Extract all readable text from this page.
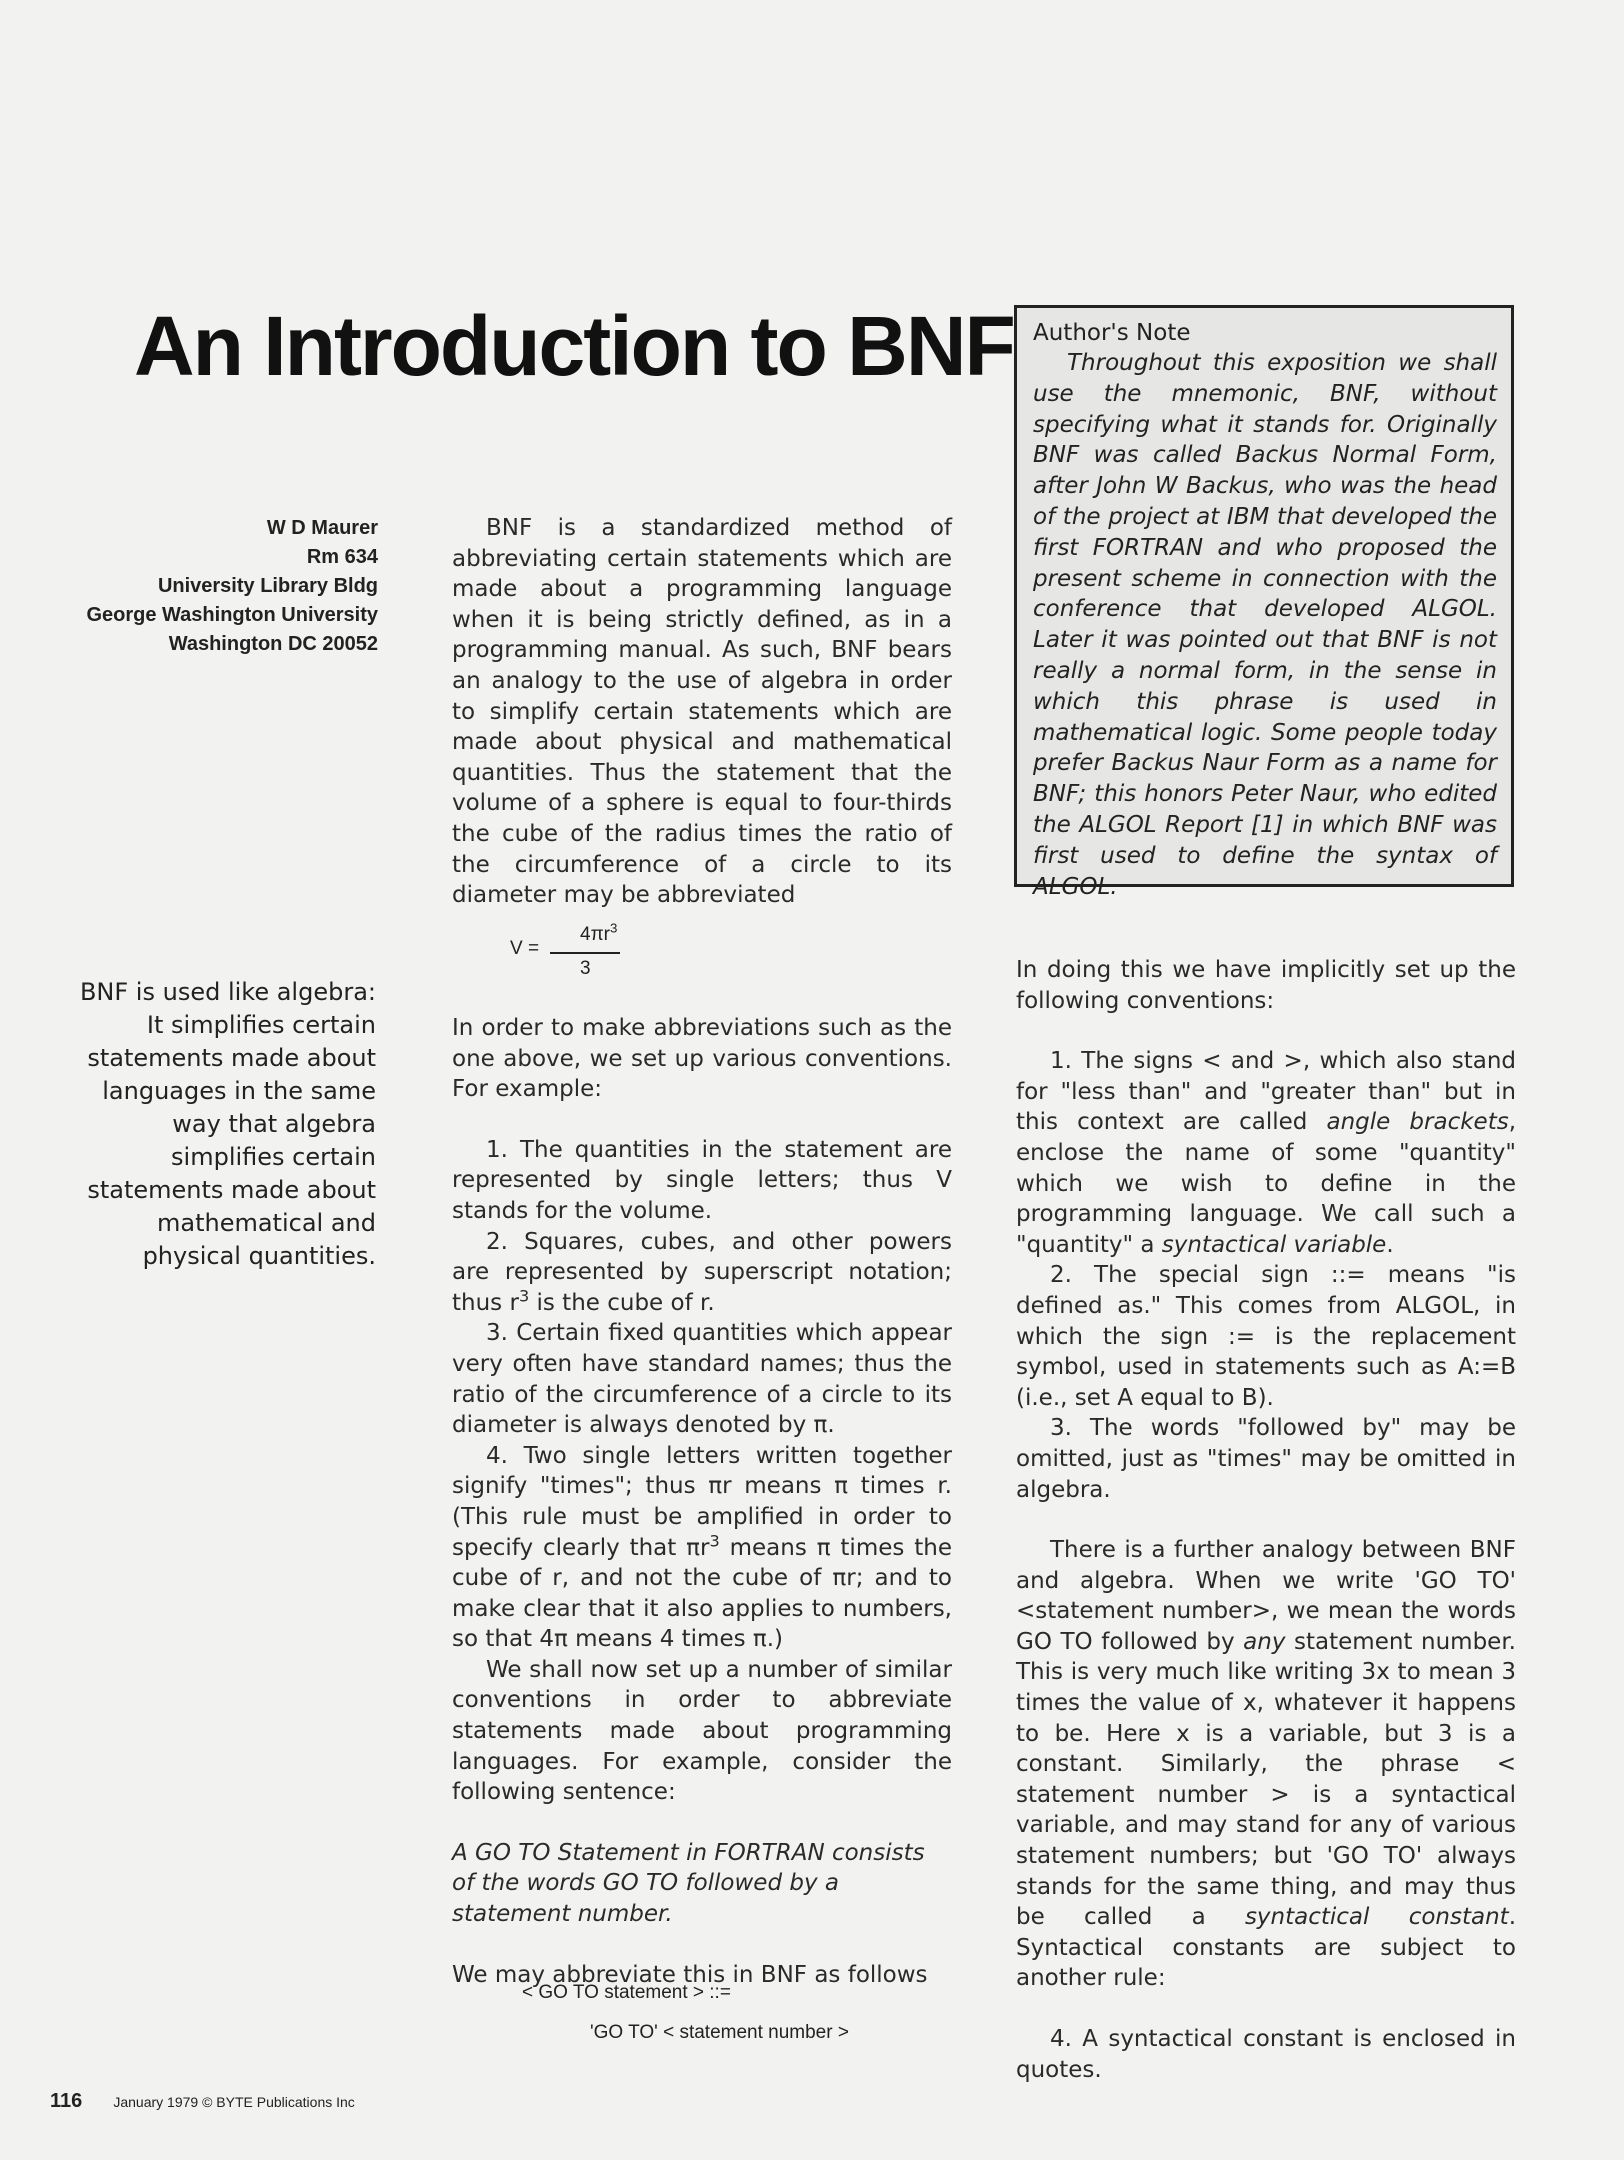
An Introduction to BNF
W D Maurer
Rm 634
University Library Bldg
George Washington University
Washington DC 20052
Author's Note
Throughout this exposition we shall use the mnemonic, BNF, without specifying what it stands for. Originally BNF was called Backus Normal Form, after John W Backus, who was the head of the project at IBM that developed the first FORTRAN and who proposed the present scheme in connection with the conference that developed ALGOL. Later it was pointed out that BNF is not really a normal form, in the sense in which this phrase is used in mathematical logic. Some people today prefer Backus Naur Form as a name for BNF; this honors Peter Naur, who edited the ALGOL Report [1] in which BNF was first used to define the syntax of ALGOL.

BNF is a standardized method of abbreviating certain statements which are made about a programming language when it is being strictly defined, as in a programming manual. As such, BNF bears an analogy to the use of algebra in order to simplify certain statements which are made about physical and mathematical quantities. Thus the statement that the volume of a sphere is equal to four-thirds the cube of the radius times the ratio of the circumference of a circle to its diameter may be abbreviated

BNF is used like algebra: It simplifies certain statements made about languages in the same way that algebra simplifies certain statements made about mathematical and physical quantities.
V =
$4\pi r^3$
3

In order to make abbreviations such as the one above, we set up various conventions. For example:

1. The quantities in the statement are represented by single letters; thus V stands for the volume.

2. Squares, cubes, and other powers are represented by superscript notation; thus $r^3$ is the cube of r.

3. Certain fixed quantities which appear very often have standard names; thus the ratio of the circumference of a circle to its diameter is always denoted by π.

4. Two single letters written together signify "times"; thus πr means π times r. (This rule must be amplified in order to specify clearly that $\pi r^3$ means π times the cube of r, and not the cube of πr; and to make clear that it also applies to numbers, so that 4π means 4 times π.)

We shall now set up a number of similar conventions in order to abbreviate statements made about programming languages. For example, consider the following sentence:

A GO TO Statement in FORTRAN consists of the words GO TO followed by a statement number.

We may abbreviate this in BNF as follows

< GO TO statement > ::=
'GO TO' < statement number >

In doing this we have implicitly set up the following conventions:

1. The signs < and >, which also stand for "less than" and "greater than" but in this context are called angle brackets, enclose the name of some "quantity" which we wish to define in the programming language. We call such a "quantity" a syntactical variable.

2. The special sign ::= means "is defined as." This comes from ALGOL, in which the sign := is the replacement symbol, used in statements such as A:=B (i.e., set A equal to B).

3. The words "followed by" may be omitted, just as "times" may be omitted in algebra.

There is a further analogy between BNF and algebra. When we write 'GO TO' <statement number>, we mean the words GO TO followed by any statement number. This is very much like writing 3x to mean 3 times the value of x, whatever it happens to be. Here x is a variable, but 3 is a constant. Similarly, the phrase < statement number > is a syntactical variable, and may stand for any of various statement numbers; but 'GO TO' always stands for the same thing, and may thus be called a syntactical constant. Syntactical constants are subject to another rule:

4. A syntactical constant is enclosed in quotes.

116 January 1979 © BYTE Publications Inc
